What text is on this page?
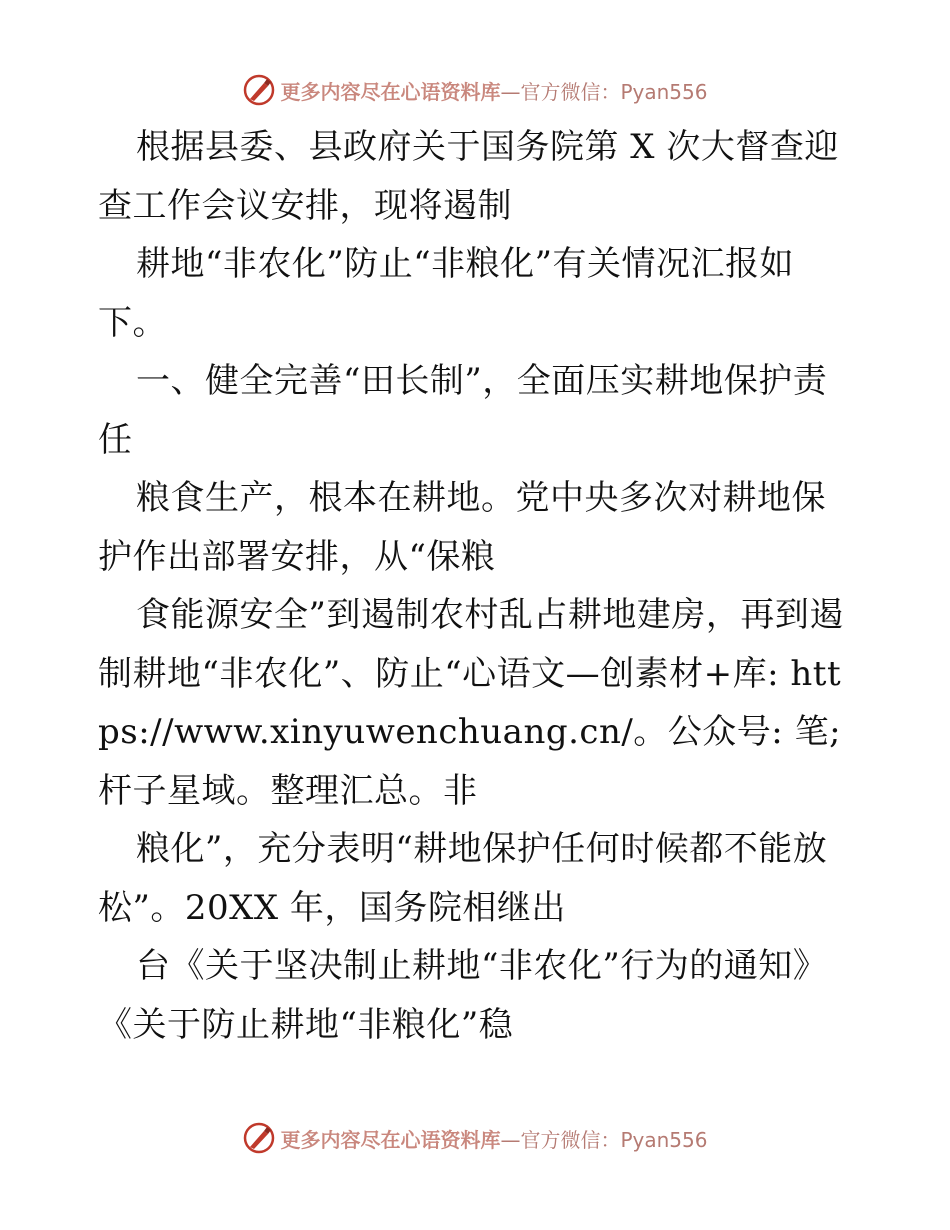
更多内容尽在心语资料库 —官方微信：Pyan556

根据县委、县政府关于国务院第 X 次大督查迎查工作会议安排，现将遏制

耕地“非农化”防止“非粮化”有关情况汇报如下。

一、健全完善“田长制”，全面压实耕地保护责任

粮食生产，根本在耕地。党中央多次对耕地保护作出部署安排，从“保粮

食能源安全”到遏制农村乱占耕地建房，再到遏制耕地“非农化”、防止“心语文—创素材+库: https://www.xinyuwenchuang.cn/。公众号: 笔; 杆子星域。整理汇总。非

粮化”，充分表明“耕地保护任何时候都不能放松”。20XX 年，国务院相继出

台《关于坚决制止耕地“非农化”行为的通知》《关于防止耕地“非粮化”稳

更多内容尽在心语资料库 —官方微信：Pyan556
